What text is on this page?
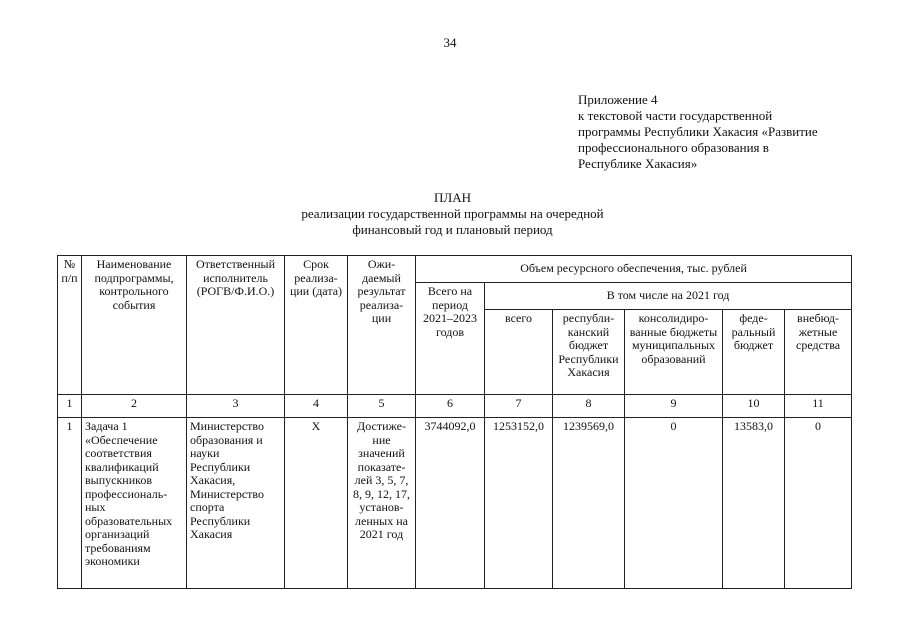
34
Приложение 4
к текстовой части государственной
программы Республики Хакасия «Развитие
профессионального образования в
Республике Хакасия»
ПЛАН
реализации государственной программы на очередной
финансовый год и плановый период
№ п/п	Наименование подпрограммы, контрольного события	Ответственный исполнитель (РОГВ/Ф.И.О.)	Срок реализа-ции (дата)	Ожи-даемый результат реализа-ции	Объем ресурсного обеспечения, тыс. рублей					
					Всего на период 2021–2023 годов	В том числе на 2021 год				
						всего	республи-канский бюджет Республики Хакасия	консолидиро-ванные бюджеты муниципальных образований	феде-ральный бюджет	внебюд-жетные средства
1	2	3	4	5	6	7	8	9	10	11
1	Задача 1 «Обеспечение соответствия квалификаций выпускников профессиональ-ных образовательных организаций требованиям экономики	Министерство образования и науки Республики Хакасия, Министерство спорта Республики Хакасия	Х	Достиже-ние значений показате-лей 3, 5, 7, 8, 9, 12, 17, установ-ленных на 2021 год	3744092,0	1253152,0	1239569,0	0	13583,0	0
